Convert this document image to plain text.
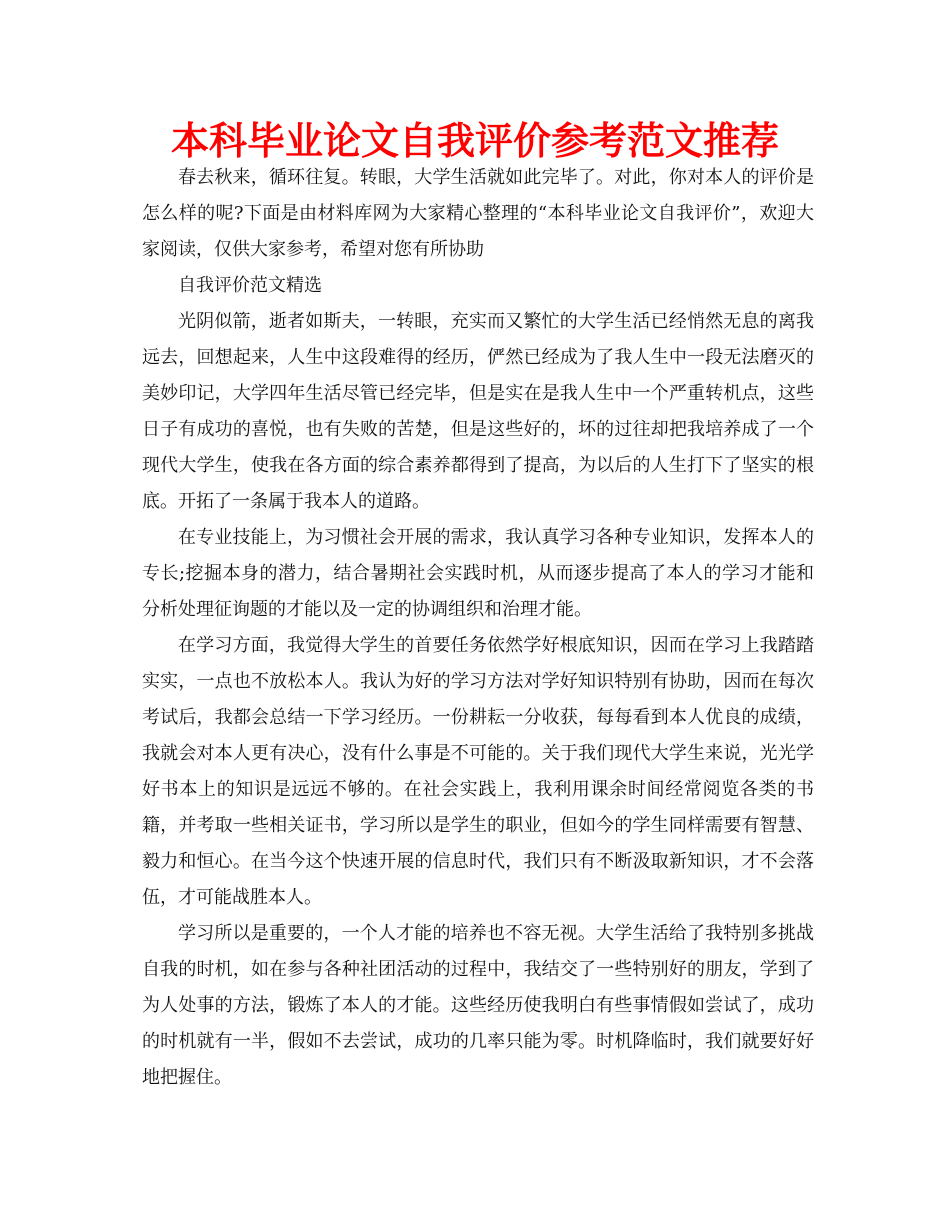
本科毕业论文自我评价参考范文推荐

春去秋来，循环往复。转眼，大学生活就如此完毕了。对此，你对本人的评价是怎么样的呢?下面是由材料库网为大家精心整理的“本科毕业论文自我评价”，欢迎大家阅读，仅供大家参考，希望对您有所协助

自我评价范文精选

光阴似箭，逝者如斯夫，一转眼，充实而又繁忙的大学生活已经悄然无息的离我远去，回想起来，人生中这段难得的经历，俨然已经成为了我人生中一段无法磨灭的美妙印记，大学四年生活尽管已经完毕，但是实在是我人生中一个严重转机点，这些日子有成功的喜悦，也有失败的苦楚，但是这些好的，坏的过往却把我培养成了一个现代大学生，使我在各方面的综合素养都得到了提高，为以后的人生打下了坚实的根底。开拓了一条属于我本人的道路。

在专业技能上，为习惯社会开展的需求，我认真学习各种专业知识，发挥本人的专长;挖掘本身的潜力，结合暑期社会实践时机，从而逐步提高了本人的学习才能和分析处理征询题的才能以及一定的协调组织和治理才能。

在学习方面，我觉得大学生的首要任务依然学好根底知识，因而在学习上我踏踏实实，一点也不放松本人。我认为好的学习方法对学好知识特别有协助，因而在每次考试后，我都会总结一下学习经历。一份耕耘一分收获，每每看到本人优良的成绩，我就会对本人更有决心，没有什么事是不可能的。关于我们现代大学生来说，光光学好书本上的知识是远远不够的。在社会实践上，我利用课余时间经常阅览各类的书籍，并考取一些相关证书，学习所以是学生的职业，但如今的学生同样需要有智慧、毅力和恒心。在当今这个快速开展的信息时代，我们只有不断汲取新知识，才不会落伍，才可能战胜本人。

学习所以是重要的，一个人才能的培养也不容无视。大学生活给了我特别多挑战自我的时机，如在参与各种社团活动的过程中，我结交了一些特别好的朋友，学到了为人处事的方法，锻炼了本人的才能。这些经历使我明白有些事情假如尝试了，成功的时机就有一半，假如不去尝试，成功的几率只能为零。时机降临时，我们就要好好地把握住。
